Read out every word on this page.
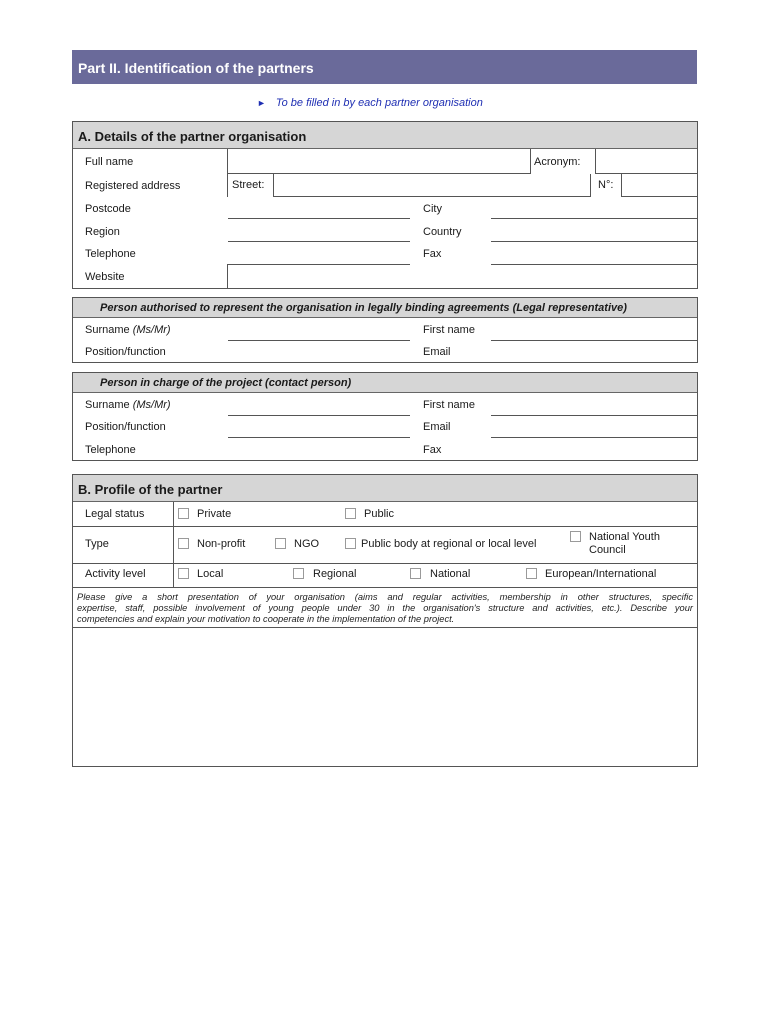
Part II. Identification of the partners
► To be filled in by each partner organisation
A. Details of the partner organisation
Full name	Acronym:
Registered address	Street:	N°:
Postcode	City
Region	Country
Telephone	Fax
Website
Person authorised to represent the organisation in legally binding agreements (Legal representative)
Surname (Ms/Mr)	First name
Position/function	Email
Person in charge of the project (contact person)
Surname (Ms/Mr)	First name
Position/function	Email
Telephone	Fax
B. Profile of the partner
Legal status	Private	Public
Type	Non-profit	NGO	Public body at regional or local level
National Youth
Council
Activity level	Local	Regional	National	European/International
Please give a short presentation of your organisation (aims and regular activities, membership in other structures, specific
expertise, staff, possible involvement of young people under 30 in the organisation's structure and activities, etc.). Describe your
competencies and explain your motivation to cooperate in the implementation of the project.
